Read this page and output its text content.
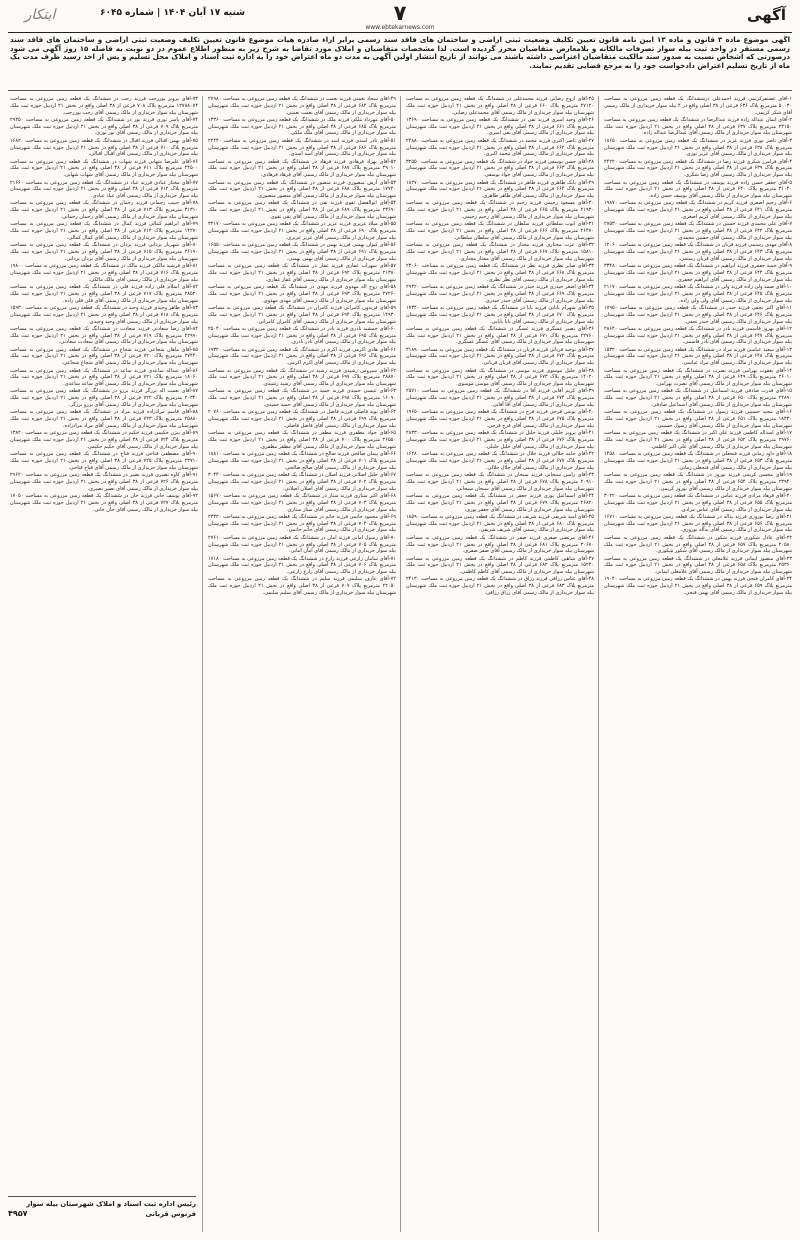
آگهی
۷
www.ebtekarnews.com
شنبه ۱۷ آبان ۱۴۰۴ | شماره ۶۰۴۵
ابتکار
آگهی موضوع ماده ۳ قانون و ماده ۱۳ آیین نامه قانون تعیین تکلیف وضعیت ثبتی اراضی و ساختمان های فاقد سند رسمی برابر آراء صادره هیات موضوع قانون تعیین تکلیف وضعیت ثبتی اراضی و ساختمان های فاقد سند رسمی مستقر در واحد ثبت بیله سوار تصرفات مالکانه و بلامعارض متقاضیان محرز گردیده است. لذا مشخصات متقاضیان و املاک مورد تقاضا به شرح زیر به منظور اطلاع عموم در دو نوبت به فاصله ۱۵ روز آگهی می شود درصورتی که اشخاص نسبت به صدور سند مالکیت متقاضیان اعتراضی داشته باشند می توانند از تاریخ انتشار اولین آگهی به مدت دو ماه اعتراض خود را به اداره ثبت اسناد و املاک محل تسلیم و پس از اخذ رسید ظرف مدت یک ماه از تاریخ تسلیم اعتراض دادخواست خود را به مرجع قضایی تقدیم نمایند.

۱-آقای غضنفرکریمی فرزند احمدعلی درششدانگ یک قطعه زمین مزروعی به مساحت ۵۰۰۳۰ مترمربع پلاک ۶۳۶ فرعی از ۳۸ اصلی واقع در ۴ بیله سوار خریداری از مالک رسمی آقای شکر کریمی.

۲-آقای ایمان عبداله زاده فرزند عبدالرضا در ششدانگ یک قطعه زمین مزروعی به مساحت ۲۳۱۵۰ مترمربع پلاک ۶۳۷ فرعی از ۳۸ اصلی واقع در بخش ۲۱ اردبیل حوزه ثبت ملک شهرستان بیله سوار خریداری از مالک رسمی آقای عبدالرضا عبداله زاده.

۳-آقای ناصر نوری فرزند عزیز در ششدانگ یک قطعه زمین مزروعی به مساحت ۱۸۶۵۰ مترمربع پلاک ۶۳۸ فرعی از ۳۸ اصلی واقع در بخش ۲۱ اردبیل حوزه ثبت ملک شهرستان بیله سوار خریداری از مالک رسمی آقای عزیز نوری.

۴-آقای فرامرز شکری فرزند رضا در ششدانگ یک قطعه زمین مزروعی به مساحت ۲۴۲۲۰ مترمربع پلاک ۶۳۹ فرعی از ۳۸ اصلی واقع در بخش ۲۱ اردبیل حوزه ثبت ملک شهرستان بیله سوار خریداری از مالک رسمی آقای رضا شکری.

۵-آقای جعفر حسن زاده فرزند یوسف در ششدانگ یک قطعه زمین مزروعی به مساحت ۳۱۰۴۰ مترمربع پلاک ۶۴۰ فرعی از ۳۸ اصلی واقع در بخش ۲۱ اردبیل حوزه ثبت ملک شهرستان بیله سوار خریداری از مالک رسمی آقای یوسف حسن زاده.

۶-آقای رحیم اصغری فرزند کریم در ششدانگ یک قطعه زمین مزروعی به مساحت ۱۹۸۷۰ مترمربع پلاک ۶۴۱ فرعی از ۳۸ اصلی واقع در بخش ۲۱ اردبیل حوزه ثبت ملک شهرستان بیله سوار خریداری از مالک رسمی آقای کریم اصغری.

۷-آقای علی محمدی فرزند حسین در ششدانگ یک قطعه زمین مزروعی به مساحت ۲۷۵۳۰ مترمربع پلاک ۶۴۲ فرعی از ۳۸ اصلی واقع در بخش ۲۱ اردبیل حوزه ثبت ملک شهرستان بیله سوار خریداری از مالک رسمی آقای حسین محمدی.

۸-آقای مهدی رستمی فرزند قربان در ششدانگ یک قطعه زمین مزروعی به مساحت ۱۲۰۶۰ مترمربع پلاک ۶۴۳ فرعی از ۳۸ اصلی واقع در بخش ۲۱ اردبیل حوزه ثبت ملک شهرستان بیله سوار خریداری از مالک رسمی آقای قربان رستمی.

۹-آقای حمید جعفری فرزند ابراهیم در ششدانگ یک قطعه زمین مزروعی به مساحت ۳۳۴۸۰ مترمربع پلاک ۶۴۴ فرعی از ۳۸ اصلی واقع در بخش ۲۱ اردبیل حوزه ثبت ملک شهرستان بیله سوار خریداری از مالک رسمی آقای ابراهیم جعفری.

۱۰-آقای صمد ولی زاده فرزند ولی در ششدانگ یک قطعه زمین مزروعی به مساحت ۲۱۱۷۰ مترمربع پلاک ۶۴۵ فرعی از ۳۸ اصلی واقع در بخش ۲۱ اردبیل حوزه ثبت ملک شهرستان بیله سوار خریداری از مالک رسمی آقای ولی ولی زاده.

۱۱-آقای اکبر نجفی فرزند حیدر در ششدانگ یک قطعه زمین مزروعی به مساحت ۱۷۹۵۰ مترمربع پلاک ۶۴۶ فرعی از ۳۸ اصلی واقع در بخش ۲۱ اردبیل حوزه ثبت ملک شهرستان بیله سوار خریداری از مالک رسمی آقای حیدر نجفی.

۱۲-آقای بهروز قاسمی فرزند نادر در ششدانگ یک قطعه زمین مزروعی به مساحت ۲۸۶۴۰ مترمربع پلاک ۶۴۷ فرعی از ۳۸ اصلی واقع در بخش ۲۱ اردبیل حوزه ثبت ملک شهرستان بیله سوار خریداری از مالک رسمی آقای نادر قاسمی.

۱۳-آقای سعید عباسی فرزند مراد در ششدانگ یک قطعه زمین مزروعی به مساحت ۱۵۳۲۰ مترمربع پلاک ۶۴۸ فرعی از ۳۸ اصلی واقع در بخش ۲۱ اردبیل حوزه ثبت ملک شهرستان بیله سوار خریداری از مالک رسمی آقای مراد عباسی.

۱۴-آقای یعقوب بهرامی فرزند نصرت در ششدانگ یک قطعه زمین مزروعی به مساحت ۲۶۰۱۰ مترمربع پلاک ۶۴۹ فرعی از ۳۸ اصلی واقع در بخش ۲۱ اردبیل حوزه ثبت ملک شهرستان بیله سوار خریداری از مالک رسمی آقای نصرت بهرامی.

۱۵-آقای قدرت صادقی فرزند اسماعیل در ششدانگ یک قطعه زمین مزروعی به مساحت ۲۲۸۹۰ مترمربع پلاک ۶۵۰ فرعی از ۳۸ اصلی واقع در بخش ۲۱ اردبیل حوزه ثبت ملک شهرستان بیله سوار خریداری از مالک رسمی آقای اسماعیل صادقی.

۱۶-آقای مجید حسینی فرزند رسول در ششدانگ یک قطعه زمین مزروعی به مساحت ۱۸۴۳۰ مترمربع پلاک ۶۵۱ فرعی از ۳۸ اصلی واقع در بخش ۲۱ اردبیل حوزه ثبت ملک شهرستان بیله سوار خریداری از مالک رسمی آقای رسول حسینی.

۱۷-آقای اسداله کاظمی فرزند علی اکبر در ششدانگ یک قطعه زمین مزروعی به مساحت ۲۹۷۶۰ مترمربع پلاک ۶۵۲ فرعی از ۳۸ اصلی واقع در بخش ۲۱ اردبیل حوزه ثبت ملک شهرستان بیله سوار خریداری از مالک رسمی آقای علی اکبر کاظمی.

۱۸-آقای داود زمانی فرزند فتحعلی در ششدانگ یک قطعه زمین مزروعی به مساحت ۱۴۵۸۰ مترمربع پلاک ۶۵۳ فرعی از ۳۸ اصلی واقع در بخش ۲۱ اردبیل حوزه ثبت ملک شهرستان بیله سوار خریداری از مالک رسمی آقای فتحعلی زمانی.

۱۹-آقای محسن کریمی فرزند نوروز در ششدانگ یک قطعه زمین مزروعی به مساحت ۲۳۹۴۰ مترمربع پلاک ۶۵۴ فرعی از ۳۸ اصلی واقع در بخش ۲۱ اردبیل حوزه ثبت ملک شهرستان بیله سوار خریداری از مالک رسمی آقای نوروز کریمی.

۲۰-آقای فرهاد مرادی فرزند عباس در ششدانگ یک قطعه زمین مزروعی به مساحت ۳۰۲۲۰ مترمربع پلاک ۶۵۵ فرعی از ۳۸ اصلی واقع در بخش ۲۱ اردبیل حوزه ثبت ملک شهرستان بیله سوار خریداری از مالک رسمی آقای عباس مرادی.

۲۱-آقای رضا نوروزی فرزند یداله در ششدانگ یک قطعه زمین مزروعی به مساحت ۱۶۷۱۰ مترمربع پلاک ۶۵۶ فرعی از ۳۸ اصلی واقع در بخش ۲۱ اردبیل حوزه ثبت ملک شهرستان بیله سوار خریداری از مالک رسمی آقای یداله نوروزی.

۲۲-آقای عادل شکوری فرزند شکور در ششدانگ یک قطعه زمین مزروعی به مساحت ۲۰۵۸۰ مترمربع پلاک ۶۵۷ فرعی از ۳۸ اصلی واقع در بخش ۲۱ اردبیل حوزه ثبت ملک شهرستان بیله سوار خریداری از مالک رسمی آقای شکور شکوری.

۲۳-آقای منصور ایمانی فرزند غلامعلی در ششدانگ یک قطعه زمین مزروعی به مساحت ۲۵۳۶۰ مترمربع پلاک ۶۵۸ فرعی از ۳۸ اصلی واقع در بخش ۲۱ اردبیل حوزه ثبت ملک شهرستان بیله سوار خریداری از مالک رسمی آقای غلامعلی ایمانی.

۲۴-آقای کامران فتحی فرزند بهمن در ششدانگ یک قطعه زمین مزروعی به مساحت ۱۹۰۴۰ مترمربع پلاک ۶۵۹ فرعی از ۳۸ اصلی واقع در بخش ۲۱ اردبیل حوزه ثبت ملک شهرستان بیله سوار خریداری از مالک رسمی آقای بهمن فتحی.

۲۵-آقای اروج رضایی فرزند محمدعلی در ششدانگ یک قطعه زمین مزروعی به مساحت ۲۷۱۲۰ مترمربع پلاک ۶۶۰ فرعی از ۳۸ اصلی واقع در بخش ۲۱ اردبیل حوزه ثبت ملک شهرستان بیله سوار خریداری از مالک رسمی آقای محمدعلی رضایی.

۲۶-آقای وحید امیری فرزند تقی در ششدانگ یک قطعه زمین مزروعی به مساحت ۱۳۶۹۰ مترمربع پلاک ۶۶۱ فرعی از ۳۸ اصلی واقع در بخش ۲۱ اردبیل حوزه ثبت ملک شهرستان بیله سوار خریداری از مالک رسمی آقای تقی امیری.

۲۷-آقای ناصر اکبری فرزند محمد در ششدانگ یک قطعه زمین مزروعی به مساحت ۲۴۸۸۰ مترمربع پلاک ۶۶۲ فرعی از ۳۸ اصلی واقع در بخش ۲۱ اردبیل حوزه ثبت ملک شهرستان بیله سوار خریداری از مالک رسمی آقای محمد اکبری.

۲۸-آقای حسن یوسفی فرزند جواد در ششدانگ یک قطعه زمین مزروعی به مساحت ۳۲۵۵۰ مترمربع پلاک ۶۶۳ فرعی از ۳۸ اصلی واقع در بخش ۲۱ اردبیل حوزه ثبت ملک شهرستان بیله سوار خریداری از مالک رسمی آقای جواد یوسفی.

۲۹-آقای بابک طاهری فرزند طاهر در ششدانگ یک قطعه زمین مزروعی به مساحت ۱۸۲۷۰ مترمربع پلاک ۶۶۴ فرعی از ۳۸ اصلی واقع در بخش ۲۱ اردبیل حوزه ثبت ملک شهرستان بیله سوار خریداری از مالک رسمی آقای طاهر طاهری.

۳۰-آقای مسعود رحیمی فرزند رحیم در ششدانگ یک قطعه زمین مزروعی به مساحت ۲۱۹۳۰ مترمربع پلاک ۶۶۵ فرعی از ۳۸ اصلی واقع در بخش ۲۱ اردبیل حوزه ثبت ملک شهرستان بیله سوار خریداری از مالک رسمی آقای رحیم رحیمی.

۳۱-آقای ایوب سلطانی فرزند سلطان در ششدانگ یک قطعه زمین مزروعی به مساحت ۲۶۴۷۰ مترمربع پلاک ۶۶۶ فرعی از ۳۸ اصلی واقع در بخش ۲۱ اردبیل حوزه ثبت ملک شهرستان بیله سوار خریداری از مالک رسمی آقای سلطان سلطانی.

۳۲-آقای عزت مختاری فرزند مختار در ششدانگ یک قطعه زمین مزروعی به مساحت ۱۵۸۱۰ مترمربع پلاک ۶۶۷ فرعی از ۳۸ اصلی واقع در بخش ۲۱ اردبیل حوزه ثبت ملک شهرستان بیله سوار خریداری از مالک رسمی آقای مختار مختاری.

۳۳-آقای صابر نظری فرزند نظر در ششدانگ یک قطعه زمین مزروعی به مساحت ۲۳۰۶۰ مترمربع پلاک ۶۶۸ فرعی از ۳۸ اصلی واقع در بخش ۲۱ اردبیل حوزه ثبت ملک شهرستان بیله سوار خریداری از مالک رسمی آقای نظر نظری.

۳۴-آقای اصغر حیدری فرزند حیدر در ششدانگ یک قطعه زمین مزروعی به مساحت ۲۹۴۲۰ مترمربع پلاک ۶۶۹ فرعی از ۳۸ اصلی واقع در بخش ۲۱ اردبیل حوزه ثبت ملک شهرستان بیله سوار خریداری از مالک رسمی آقای حیدر حیدری.

۳۵-آقای شهرام بابایی فرزند بابا در ششدانگ یک قطعه زمین مزروعی به مساحت ۱۷۳۴۰ مترمربع پلاک ۶۷۰ فرعی از ۳۸ اصلی واقع در بخش ۲۱ اردبیل حوزه ثبت ملک شهرستان بیله سوار خریداری از مالک رسمی آقای بابا بابایی.

۳۶-آقای نصیر عسگری فرزند عسگر در ششدانگ یک قطعه زمین مزروعی به مساحت ۲۲۷۶۰ مترمربع پلاک ۶۷۱ فرعی از ۳۸ اصلی واقع در بخش ۲۱ اردبیل حوزه ثبت ملک شهرستان بیله سوار خریداری از مالک رسمی آقای عسگر عسگری.

۳۷-آقای توحید قربانی فرزند قربان در ششدانگ یک قطعه زمین مزروعی به مساحت ۳۱۸۹۰ مترمربع پلاک ۶۷۲ فرعی از ۳۸ اصلی واقع در بخش ۲۱ اردبیل حوزه ثبت ملک شهرستان بیله سوار خریداری از مالک رسمی آقای قربان قربانی.

۳۸-آقای جلیل موسوی فرزند موسی در ششدانگ یک قطعه زمین مزروعی به مساحت ۱۴۰۲۰ مترمربع پلاک ۶۷۳ فرعی از ۳۸ اصلی واقع در بخش ۲۱ اردبیل حوزه ثبت ملک شهرستان بیله سوار خریداری از مالک رسمی آقای موسی موسوی.

۳۹-آقای کریم آقایی فرزند آقا در ششدانگ یک قطعه زمین مزروعی به مساحت ۲۵۷۱۰ مترمربع پلاک ۶۷۴ فرعی از ۳۸ اصلی واقع در بخش ۲۱ اردبیل حوزه ثبت ملک شهرستان بیله سوار خریداری از مالک رسمی آقای آقا آقایی.

۴۰-آقای یونس فرجی فرزند فرج در ششدانگ یک قطعه زمین مزروعی به مساحت ۱۹۶۵۰ مترمربع پلاک ۶۷۵ فرعی از ۳۸ اصلی واقع در بخش ۲۱ اردبیل حوزه ثبت ملک شهرستان بیله سوار خریداری از مالک رسمی آقای فرج فرجی.

۴۱-آقای پرویز خلیلی فرزند خلیل در ششدانگ یک قطعه زمین مزروعی به مساحت ۲۸۳۳۰ مترمربع پلاک ۶۷۶ فرعی از ۳۸ اصلی واقع در بخش ۲۱ اردبیل حوزه ثبت ملک شهرستان بیله سوار خریداری از مالک رسمی آقای خلیل خلیلی.

۴۲-آقای حامد جلالی فرزند جلال در ششدانگ یک قطعه زمین مزروعی به مساحت ۱۶۲۸۰ مترمربع پلاک ۶۷۷ فرعی از ۳۸ اصلی واقع در بخش ۲۱ اردبیل حوزه ثبت ملک شهرستان بیله سوار خریداری از مالک رسمی آقای جلال جلالی.

۴۳-آقای رامین سبحانی فرزند سبحان در ششدانگ یک قطعه زمین مزروعی به مساحت ۲۰۹۱۰ مترمربع پلاک ۶۷۸ فرعی از ۳۸ اصلی واقع در بخش ۲۱ اردبیل حوزه ثبت ملک شهرستان بیله سوار خریداری از مالک رسمی آقای سبحان سبحانی.

۴۴-آقای اسماعیل پوری فرزند جعفر در ششدانگ یک قطعه زمین مزروعی به مساحت ۲۶۸۲۰ مترمربع پلاک ۶۷۹ فرعی از ۳۸ اصلی واقع در بخش ۲۱ اردبیل حوزه ثبت ملک شهرستان بیله سوار خریداری از مالک رسمی آقای جعفر پوری.

۴۵-آقای امید شریفی فرزند شریف در ششدانگ یک قطعه زمین مزروعی به مساحت ۱۸۵۹۰ مترمربع پلاک ۶۸۰ فرعی از ۳۸ اصلی واقع در بخش ۲۱ اردبیل حوزه ثبت ملک شهرستان بیله سوار خریداری از مالک رسمی آقای شریف شریفی.

۴۶-آقای مرتضی صفری فرزند صفر در ششدانگ یک قطعه زمین مزروعی به مساحت ۳۰۶۷۰ مترمربع پلاک ۶۸۱ فرعی از ۳۸ اصلی واقع در بخش ۲۱ اردبیل حوزه ثبت ملک شهرستان بیله سوار خریداری از مالک رسمی آقای صفر صفری.

۴۷-آقای شاهین کاظمی فرزند کاظم در ششدانگ یک قطعه زمین مزروعی به مساحت ۱۵۲۴۰ مترمربع پلاک ۶۸۲ فرعی از ۳۸ اصلی واقع در بخش ۲۱ اردبیل حوزه ثبت ملک شهرستان بیله سوار خریداری از مالک رسمی آقای کاظم کاظمی.

۴۸-آقای عباس رزاقی فرزند رزاق در ششدانگ یک قطعه زمین مزروعی به مساحت ۲۴۱۳۰ مترمربع پلاک ۶۸۳ فرعی از ۳۸ اصلی واقع در بخش ۲۱ اردبیل حوزه ثبت ملک شهرستان بیله سوار خریداری از مالک رسمی آقای رزاق رزاقی.

۴۹-آقای سجاد نعمتی فرزند نعمت در ششدانگ یک قطعه زمین مزروعی به مساحت ۲۷۹۸۰ مترمربع پلاک ۶۸۴ فرعی از ۳۸ اصلی واقع در بخش ۲۱ اردبیل حوزه ثبت ملک شهرستان بیله سوار خریداری از مالک رسمی آقای نعمت نعمتی.

۵۰-آقای مهرداد ملکی فرزند ملک در ششدانگ یک قطعه زمین مزروعی به مساحت ۱۳۳۶۰ مترمربع پلاک ۶۸۵ فرعی از ۳۸ اصلی واقع در بخش ۲۱ اردبیل حوزه ثبت ملک شهرستان بیله سوار خریداری از مالک رسمی آقای ملک ملکی.

۵۱-آقای نادر اسدی فرزند اسد در ششدانگ یک قطعه زمین مزروعی به مساحت ۲۲۴۴۰ مترمربع پلاک ۶۸۶ فرعی از ۳۸ اصلی واقع در بخش ۲۱ اردبیل حوزه ثبت ملک شهرستان بیله سوار خریداری از مالک رسمی آقای اسد اسدی.

۵۲-آقای بهزاد فرهادی فرزند فرهاد در ششدانگ یک قطعه زمین مزروعی به مساحت ۲۹۰۱۰ مترمربع پلاک ۶۸۷ فرعی از ۳۸ اصلی واقع در بخش ۲۱ اردبیل حوزه ثبت ملک شهرستان بیله سوار خریداری از مالک رسمی آقای فرهاد فرهادی.

۵۳-آقای آرش منصوری فرزند منصور در ششدانگ یک قطعه زمین مزروعی به مساحت ۱۷۷۲۰ مترمربع پلاک ۶۸۸ فرعی از ۳۸ اصلی واقع در بخش ۲۱ اردبیل حوزه ثبت ملک شهرستان بیله سوار خریداری از مالک رسمی آقای منصور منصوری.

۵۴-آقای ابوالفضل تقوی فرزند تقی در ششدانگ یک قطعه زمین مزروعی به مساحت ۲۳۶۹۰ مترمربع پلاک ۶۸۹ فرعی از ۳۸ اصلی واقع در بخش ۲۱ اردبیل حوزه ثبت ملک شهرستان بیله سوار خریداری از مالک رسمی آقای تقی تقوی.

۵۵-آقای میلاد عزیزی فرزند عزیز در ششدانگ یک قطعه زمین مزروعی به مساحت ۳۲۱۷۰ مترمربع پلاک ۶۹۰ فرعی از ۳۸ اصلی واقع در بخش ۲۱ اردبیل حوزه ثبت ملک شهرستان بیله سوار خریداری از مالک رسمی آقای عزیز عزیزی.

۵۶-آقای کیوان بهمنی فرزند بهمن در ششدانگ یک قطعه زمین مزروعی به مساحت ۱۶۵۵۰ مترمربع پلاک ۶۹۱ فرعی از ۳۸ اصلی واقع در بخش ۲۱ اردبیل حوزه ثبت ملک شهرستان بیله سوار خریداری از مالک رسمی آقای بهمن بهمنی.

۵۷-آقای سهراب غفاری فرزند غفار در ششدانگ یک قطعه زمین مزروعی به مساحت ۲۱۳۸۰ مترمربع پلاک ۶۹۲ فرعی از ۳۸ اصلی واقع در بخش ۲۱ اردبیل حوزه ثبت ملک شهرستان بیله سوار خریداری از مالک رسمی آقای غفار غفاری.

۵۸-آقای روح اله مهدوی فرزند مهدی در ششدانگ یک قطعه زمین مزروعی به مساحت ۲۷۲۶۰ مترمربع پلاک ۶۹۳ فرعی از ۳۸ اصلی واقع در بخش ۲۱ اردبیل حوزه ثبت ملک شهرستان بیله سوار خریداری از مالک رسمی آقای مهدی مهدوی.

۵۹-آقای فریدون کامرانی فرزند کامران در ششدانگ یک قطعه زمین مزروعی به مساحت ۱۴۹۳۰ مترمربع پلاک ۶۹۴ فرعی از ۳۸ اصلی واقع در بخش ۲۱ اردبیل حوزه ثبت ملک شهرستان بیله سوار خریداری از مالک رسمی آقای کامران کامرانی.

۶۰-آقای جمشید نادری فرزند نادر در ششدانگ یک قطعه زمین مزروعی به مساحت ۲۵۰۴۰ مترمربع پلاک ۶۹۵ فرعی از ۳۸ اصلی واقع در بخش ۲۱ اردبیل حوزه ثبت ملک شهرستان بیله سوار خریداری از مالک رسمی آقای نادر نادری.

۶۱-آقای هادی اکرمی فرزند اکرم در ششدانگ یک قطعه زمین مزروعی به مساحت ۱۹۳۲۰ مترمربع پلاک ۶۹۶ فرعی از ۳۸ اصلی واقع در بخش ۲۱ اردبیل حوزه ثبت ملک شهرستان بیله سوار خریداری از مالک رسمی آقای اکرم اکرمی.

۶۲-آقای سیروس رشیدی فرزند رشید در ششدانگ یک قطعه زمین مزروعی به مساحت ۲۸۸۷۰ مترمربع پلاک ۶۹۷ فرعی از ۳۸ اصلی واقع در بخش ۲۱ اردبیل حوزه ثبت ملک شهرستان بیله سوار خریداری از مالک رسمی آقای رشید رشیدی.

۶۳-آقای عیسی حمیدی فرزند حمید در ششدانگ یک قطعه زمین مزروعی به مساحت ۱۶۰۹۰ مترمربع پلاک ۶۹۸ فرعی از ۳۸ اصلی واقع در بخش ۲۱ اردبیل حوزه ثبت ملک شهرستان بیله سوار خریداری از مالک رسمی آقای حمید حمیدی.

۶۴-آقای نوید فاضلی فرزند فاضل در ششدانگ یک قطعه زمین مزروعی به مساحت ۲۰۷۶۰ مترمربع پلاک ۶۹۹ فرعی از ۳۸ اصلی واقع در بخش ۲۱ اردبیل حوزه ثبت ملک شهرستان بیله سوار خریداری از مالک رسمی آقای فاضل فاضلی.

۶۵-آقای جواد مظفری فرزند مظفر در ششدانگ یک قطعه زمین مزروعی به مساحت ۲۶۵۵۰ مترمربع پلاک ۷۰۰ فرعی از ۳۸ اصلی واقع در بخش ۲۱ اردبیل حوزه ثبت ملک شهرستان بیله سوار خریداری از مالک رسمی آقای مظفر مظفری.

۶۶-آقای پیمان صالحی فرزند صالح در ششدانگ یک قطعه زمین مزروعی به مساحت ۱۸۸۱۰ مترمربع پلاک ۷۰۱ فرعی از ۳۸ اصلی واقع در بخش ۲۱ اردبیل حوزه ثبت ملک شهرستان بیله سوار خریداری از مالک رسمی آقای صالح صالحی.

۶۷-آقای خلیل اصلانی فرزند اصلان در ششدانگ یک قطعه زمین مزروعی به مساحت ۳۰۴۴۰ مترمربع پلاک ۷۰۲ فرعی از ۳۸ اصلی واقع در بخش ۲۱ اردبیل حوزه ثبت ملک شهرستان بیله سوار خریداری از مالک رسمی آقای اصلان اصلانی.

۶۸-آقای اکبر ستاری فرزند ستار در ششدانگ یک قطعه زمین مزروعی به مساحت ۱۵۶۷۰ مترمربع پلاک ۷۰۳ فرعی از ۳۸ اصلی واقع در بخش ۲۱ اردبیل حوزه ثبت ملک شهرستان بیله سوار خریداری از مالک رسمی آقای ستار ستاری.

۶۹-آقای محمود حاتمی فرزند حاتم در ششدانگ یک قطعه زمین مزروعی به مساحت ۲۳۳۲۰ مترمربع پلاک ۷۰۴ فرعی از ۳۸ اصلی واقع در بخش ۲۱ اردبیل حوزه ثبت ملک شهرستان بیله سوار خریداری از مالک رسمی آقای حاتم حاتمی.

۷۰-آقای رسول امانی فرزند امان در ششدانگ یک قطعه زمین مزروعی به مساحت ۲۷۶۱۰ مترمربع پلاک ۷۰۵ فرعی از ۳۸ اصلی واقع در بخش ۲۱ اردبیل حوزه ثبت ملک شهرستان بیله سوار خریداری از مالک رسمی آقای امان امانی.

۷۱-آقای سامان زارعی فرزند زارع در ششدانگ یک قطعه زمین مزروعی به مساحت ۱۷۱۸۰ مترمربع پلاک ۷۰۶ فرعی از ۳۸ اصلی واقع در بخش ۲۱ اردبیل حوزه ثبت ملک شهرستان بیله سوار خریداری از مالک رسمی آقای زارع زارعی.

۷۲-آقای عارف سلیمی فرزند سلیم در ششدانگ یک قطعه زمین مزروعی به مساحت ۲۲۰۵۰ مترمربع پلاک ۷۰۷ فرعی از ۳۸ اصلی واقع در بخش ۲۱ اردبیل حوزه ثبت ملک شهرستان بیله سوار خریداری از مالک رسمی آقای سلیم سلیمی.

۷۳-آقای پرویز پوررجب فرزند رجب در ششدانگ یک قطعه زمین مزروعی به مساحت ۱۲۷۸۸۰۷۴ مترمربع پلاک ۷۰۸ فرعی از ۳۸ اصلی واقع در بخش ۲۱ اردبیل حوزه ثبت ملک شهرستان بیله سوار خریداری از مالک رسمی آقای رجب پوررجب.

۷۴-آقای یاسر نوری فرزند نور در ششدانگ یک قطعه زمین مزروعی به مساحت ۲۹۳۵۰ مترمربع پلاک ۷۰۹ فرعی از ۳۸ اصلی واقع در بخش ۲۱ اردبیل حوزه ثبت ملک شهرستان بیله سوار خریداری از مالک رسمی آقای نور نوری.

۷۵-آقای بهمن اقبالی فرزند اقبال در ششدانگ یک قطعه زمین مزروعی به مساحت ۱۶۸۲۰ مترمربع پلاک ۷۱۰ فرعی از ۳۸ اصلی واقع در بخش ۲۱ اردبیل حوزه ثبت ملک شهرستان بیله سوار خریداری از مالک رسمی آقای اقبال اقبالی.

۷۶-آقای علیرضا شهابی فرزند شهاب در ششدانگ یک قطعه زمین مزروعی به مساحت ۲۴۵۰۰ مترمربع پلاک ۷۱۱ فرعی از ۳۸ اصلی واقع در بخش ۲۱ اردبیل حوزه ثبت ملک شهرستان بیله سوار خریداری از مالک رسمی آقای شهاب شهابی.

۷۷-آقای مختار عبادی فرزند عباد در ششدانگ یک قطعه زمین مزروعی به مساحت ۲۱۶۶۰ مترمربع پلاک ۷۱۲ فرعی از ۳۸ اصلی واقع در بخش ۲۱ اردبیل حوزه ثبت ملک شهرستان بیله سوار خریداری از مالک رسمی آقای عباد عبادی.

۷۸-آقای حبیب رحمانی فرزند رحمان در ششدانگ یک قطعه زمین مزروعی به مساحت ۳۱۳۱۰ مترمربع پلاک ۷۱۳ فرعی از ۳۸ اصلی واقع در بخش ۲۱ اردبیل حوزه ثبت ملک شهرستان بیله سوار خریداری از مالک رسمی آقای رحمان رحمانی.

۷۹-آقای ابراهیم کمالی فرزند کمال در ششدانگ یک قطعه زمین مزروعی به مساحت ۱۴۲۷۰ مترمربع پلاک ۷۱۴ فرعی از ۳۸ اصلی واقع در بخش ۲۱ اردبیل حوزه ثبت ملک شهرستان بیله سوار خریداری از مالک رسمی آقای کمال کمالی.

۸۰-آقای شهریار یزدانی فرزند یزدان در ششدانگ یک قطعه زمین مزروعی به مساحت ۲۶۱۹۰ مترمربع پلاک ۷۱۵ فرعی از ۳۸ اصلی واقع در بخش ۲۱ اردبیل حوزه ثبت ملک شهرستان بیله سوار خریداری از مالک رسمی آقای یزدان یزدانی.

۸۱-آقای فرشید مالکی فرزند مالک در ششدانگ یک قطعه زمین مزروعی به مساحت ۱۹۸۰۰ مترمربع پلاک ۷۱۶ فرعی از ۳۸ اصلی واقع در بخش ۲۱ اردبیل حوزه ثبت ملک شهرستان بیله سوار خریداری از مالک رسمی آقای مالک مالکی.

۸۲-آقای اسلام قلی زاده فرزند قلی در ششدانگ یک قطعه زمین مزروعی به مساحت ۲۸۵۲۰ مترمربع پلاک ۷۱۷ فرعی از ۳۸ اصلی واقع در بخش ۲۱ اردبیل حوزه ثبت ملک شهرستان بیله سوار خریداری از مالک رسمی آقای قلی قلی زاده.

۸۳-آقای طاهر وحیدی فرزند وحید در ششدانگ یک قطعه زمین مزروعی به مساحت ۱۵۹۳۰ مترمربع پلاک ۷۱۸ فرعی از ۳۸ اصلی واقع در بخش ۲۱ اردبیل حوزه ثبت ملک شهرستان بیله سوار خریداری از مالک رسمی آقای وحید وحیدی.

۸۴-آقای رضا سعادتی فرزند سعادت در ششدانگ یک قطعه زمین مزروعی به مساحت ۲۲۹۹۰ مترمربع پلاک ۷۱۹ فرعی از ۳۸ اصلی واقع در بخش ۲۱ اردبیل حوزه ثبت ملک شهرستان بیله سوار خریداری از مالک رسمی آقای سعادت سعادتی.

۸۵-آقای ماهان شجاعی فرزند شجاع در ششدانگ یک قطعه زمین مزروعی به مساحت ۲۷۴۴۰ مترمربع پلاک ۷۲۰ فرعی از ۳۸ اصلی واقع در بخش ۲۱ اردبیل حوزه ثبت ملک شهرستان بیله سوار خریداری از مالک رسمی آقای شجاع شجاعی.

۸۶-آقای عبداله ساعدی فرزند ساعد در ششدانگ یک قطعه زمین مزروعی به مساحت ۱۸۰۶۰ مترمربع پلاک ۷۲۱ فرعی از ۳۸ اصلی واقع در بخش ۲۱ اردبیل حوزه ثبت ملک شهرستان بیله سوار خریداری از مالک رسمی آقای ساعد ساعدی.

۸۷-آقای نعمت اله برزگر فرزند برزو در ششدانگ یک قطعه زمین مزروعی به مساحت ۲۰۳۴۰ مترمربع پلاک ۷۲۲ فرعی از ۳۸ اصلی واقع در بخش ۲۱ اردبیل حوزه ثبت ملک شهرستان بیله سوار خریداری از مالک رسمی آقای برزو برزگر.

۸۸-آقای قاسم مرادزاده فرزند مراد در ششدانگ یک قطعه زمین مزروعی به مساحت ۲۵۸۸۰ مترمربع پلاک ۷۲۳ فرعی از ۳۸ اصلی واقع در بخش ۲۱ اردبیل حوزه ثبت ملک شهرستان بیله سوار خریداری از مالک رسمی آقای مراد مرادزاده.

۸۹-آقای بیژن حکیمی فرزند حکیم در ششدانگ یک قطعه زمین مزروعی به مساحت ۱۳۸۲۰ مترمربع پلاک ۷۲۴ فرعی از ۳۸ اصلی واقع در بخش ۲۱ اردبیل حوزه ثبت ملک شهرستان بیله سوار خریداری از مالک رسمی آقای حکیم حکیمی.

۹۰-آقای مصطفی فتاحی فرزند فتاح در ششدانگ یک قطعه زمین مزروعی به مساحت ۲۳۷۱۰ مترمربع پلاک ۷۲۵ فرعی از ۳۸ اصلی واقع در بخش ۲۱ اردبیل حوزه ثبت ملک شهرستان بیله سوار خریداری از مالک رسمی آقای فتاح فتاحی.

۹۱-آقای کاوه نصیری فرزند نصیر در ششدانگ یک قطعه زمین مزروعی به مساحت ۲۹۶۲۰ مترمربع پلاک ۷۲۶ فرعی از ۳۸ اصلی واقع در بخش ۲۱ اردبیل حوزه ثبت ملک شهرستان بیله سوار خریداری از مالک رسمی آقای نصیر نصیری.

۹۲-آقای یوسف خانی فرزند خان در ششدانگ یک قطعه زمین مزروعی به مساحت ۱۷۰۵۰ مترمربع پلاک ۷۲۷ فرعی از ۳۸ اصلی واقع در بخش ۲۱ اردبیل حوزه ثبت ملک شهرستان بیله سوار خریداری از مالک رسمی آقای خان خانی.

رئیس اداره ثبت اسناد و املاک شهرستان بیله سوار
فرنوس قربانی
۴۹۵۷
